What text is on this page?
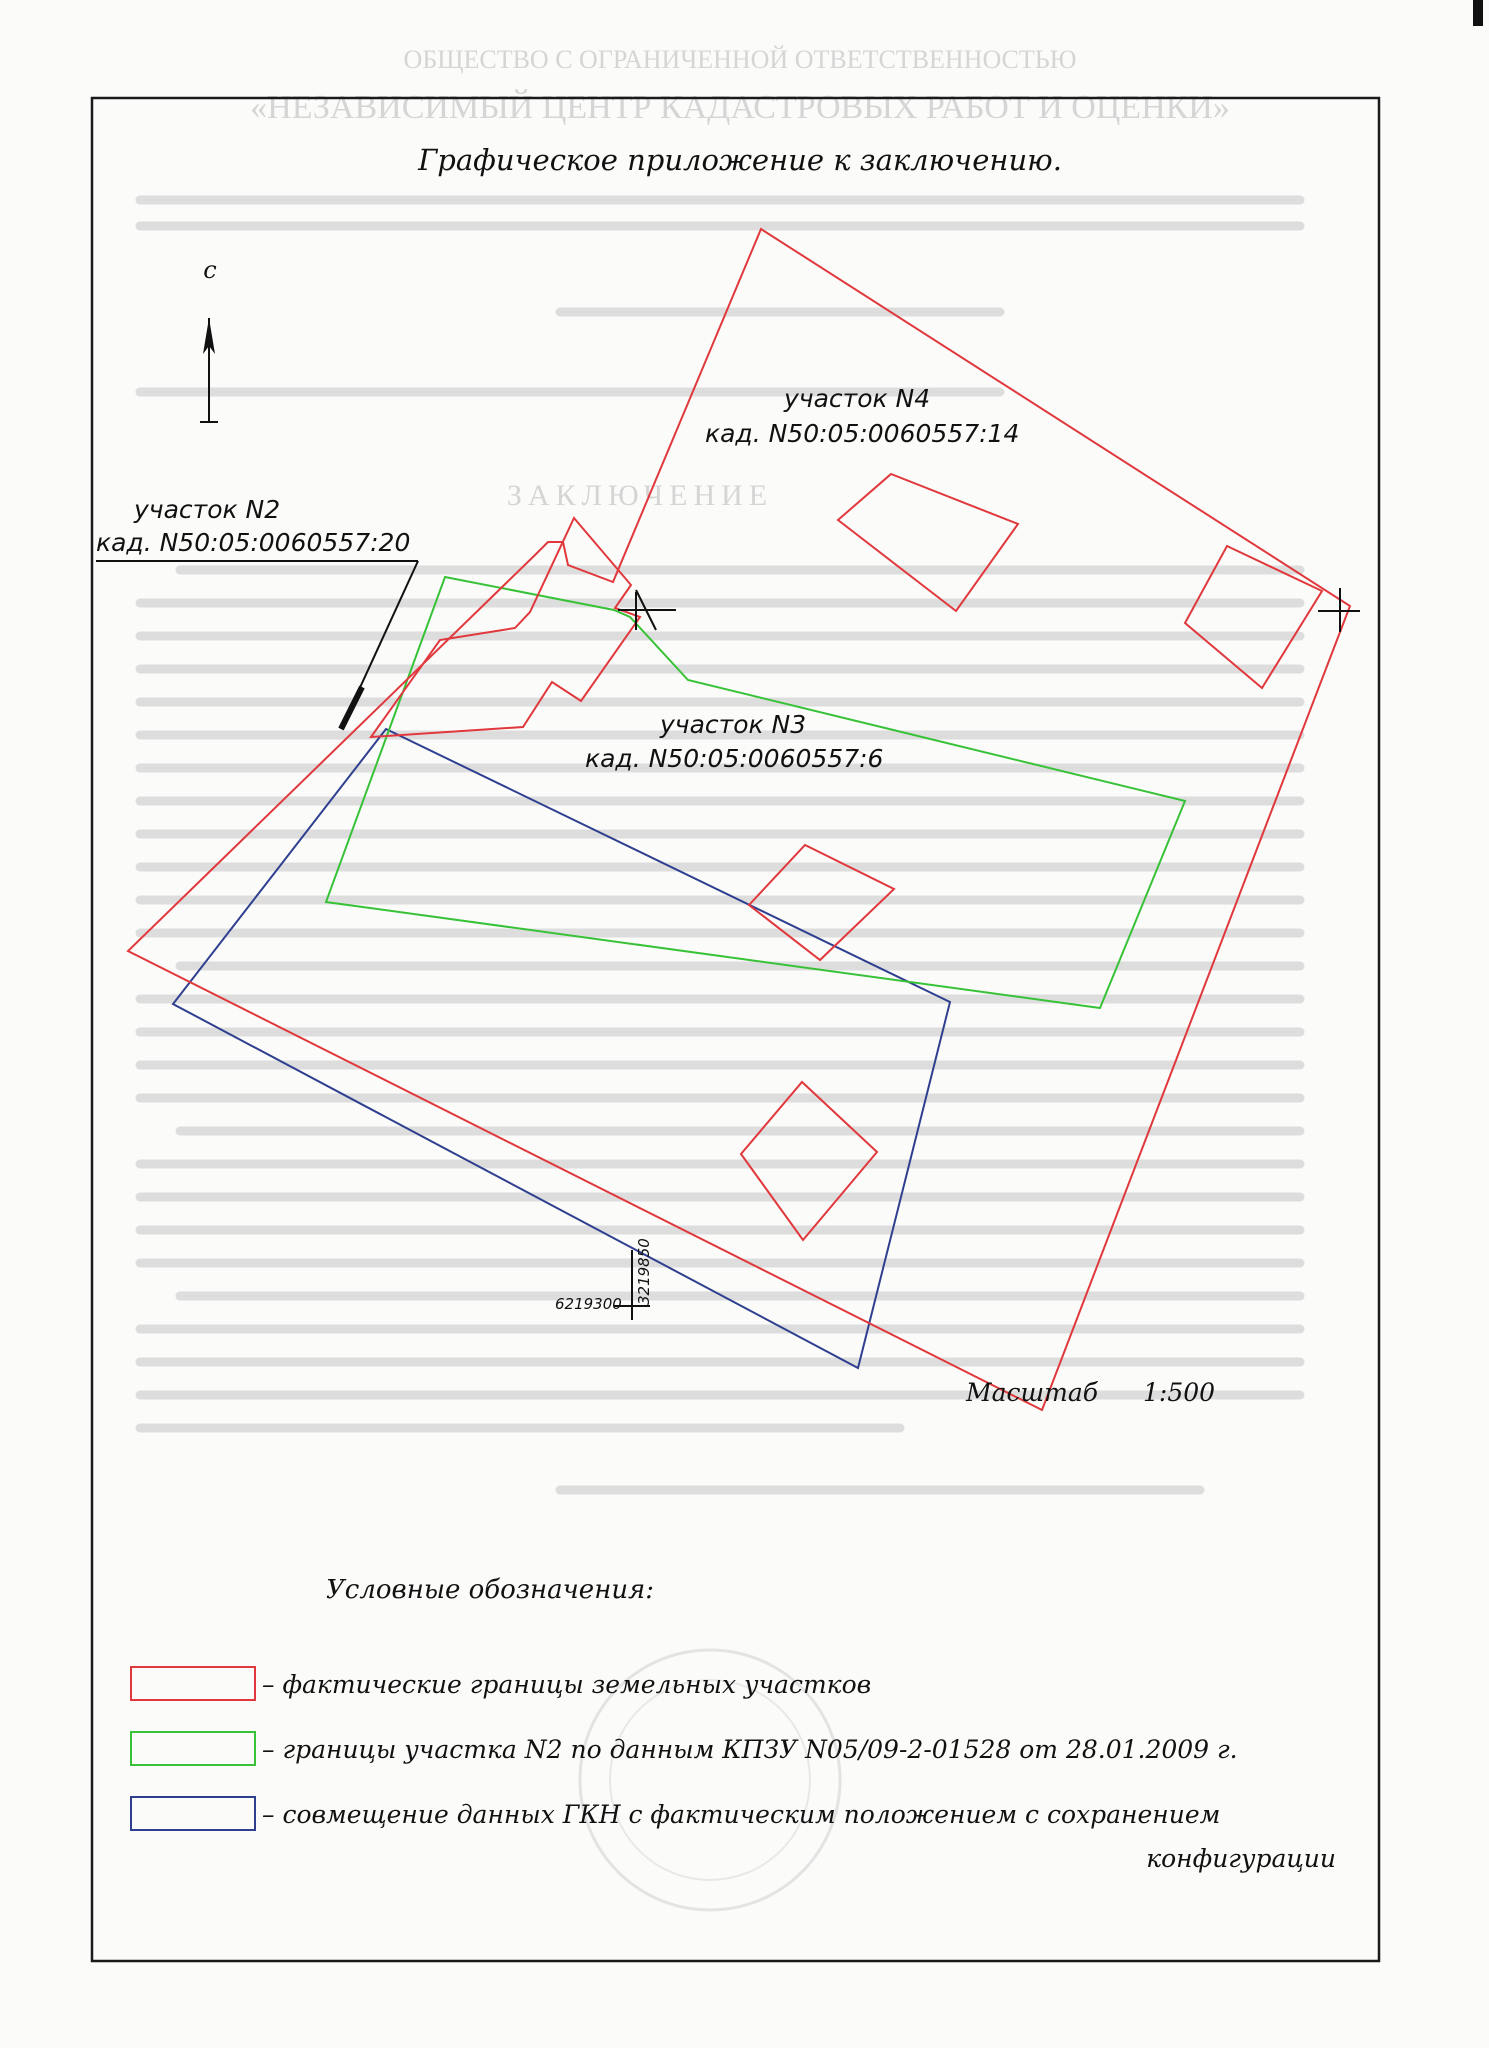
ОБЩЕСТВО С ОГРАНИЧЕННОЙ ОТВЕТСТВЕННОСТЬЮ
«НЕЗАВИСИМЫЙ ЦЕНТР КАДАСТРОВЫХ РАБОТ И ОЦЕНКИ»
ЗАКЛЮЧЕНИЕ
Графическое приложение к заключению.
с
участок N4
кад. N50:05:0060557:14
участок N2
кад. N50:05:0060557:20
участок N3
кад. N50:05:0060557:6
6219300 3219850
Масштаб 1:500
Условные обозначения:
– фактические границы земельных участков
– границы участка N2 по данным КПЗУ N05/09-2-01528 от 28.01.2009 г.
– совмещение данных ГКН с фактическим положением с сохранением
конфигурации
